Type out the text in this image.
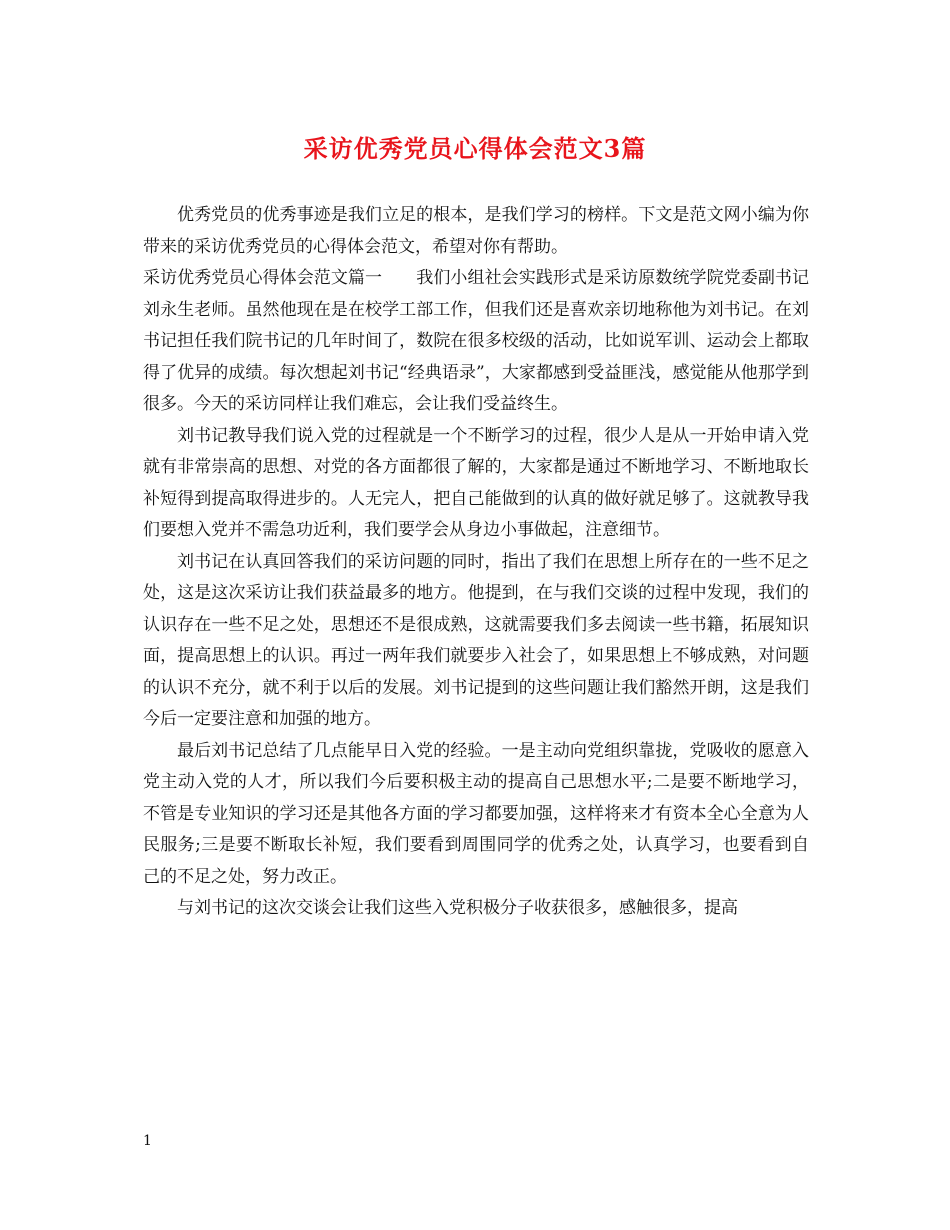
采访优秀党员心得体会范文3篇

优秀党员的优秀事迹是我们立足的根本，是我们学习的榜样。下文是范文网小编为你带来的采访优秀党员的心得体会范文，希望对你有帮助。

采访优秀党员心得体会范文篇一　　我们小组社会实践形式是采访原数统学院党委副书记刘永生老师。虽然他现在是在校学工部工作，但我们还是喜欢亲切地称他为刘书记。在刘书记担任我们院书记的几年时间了，数院在很多校级的活动，比如说军训、运动会上都取得了优异的成绩。每次想起刘书记“经典语录”，大家都感到受益匪浅，感觉能从他那学到很多。今天的采访同样让我们难忘，会让我们受益终生。

刘书记教导我们说入党的过程就是一个不断学习的过程，很少人是从一开始申请入党就有非常崇高的思想、对党的各方面都很了解的，大家都是通过不断地学习、不断地取长补短得到提高取得进步的。人无完人，把自己能做到的认真的做好就足够了。这就教导我们要想入党并不需急功近利，我们要学会从身边小事做起，注意细节。

刘书记在认真回答我们的采访问题的同时，指出了我们在思想上所存在的一些不足之处，这是这次采访让我们获益最多的地方。他提到，在与我们交谈的过程中发现，我们的认识存在一些不足之处，思想还不是很成熟，这就需要我们多去阅读一些书籍，拓展知识面，提高思想上的认识。再过一两年我们就要步入社会了，如果思想上不够成熟，对问题的认识不充分，就不利于以后的发展。刘书记提到的这些问题让我们豁然开朗，这是我们今后一定要注意和加强的地方。

最后刘书记总结了几点能早日入党的经验。一是主动向党组织靠拢，党吸收的愿意入党主动入党的人才，所以我们今后要积极主动的提高自己思想水平;二是要不断地学习，不管是专业知识的学习还是其他各方面的学习都要加强，这样将来才有资本全心全意为人民服务;三是要不断取长补短，我们要看到周围同学的优秀之处，认真学习，也要看到自己的不足之处，努力改正。

与刘书记的这次交谈会让我们这些入党积极分子收获很多，感触很多，提高

1
